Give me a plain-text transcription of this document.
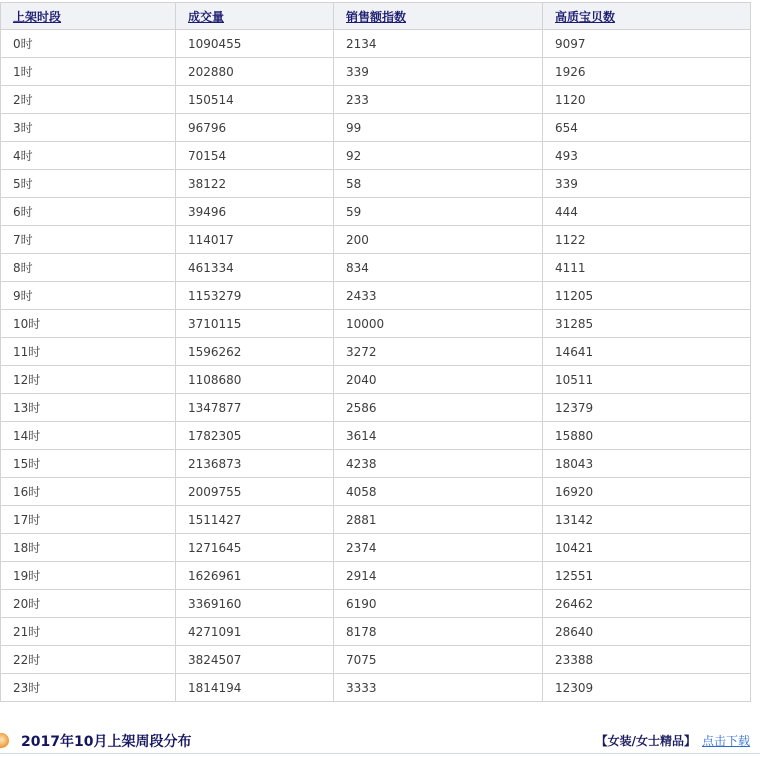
上架时段	成交量	销售额指数	高质宝贝数
0时	1090455	2134	9097
1时	202880	339	1926
2时	150514	233	1120
3时	96796	99	654
4时	70154	92	493
5时	38122	58	339
6时	39496	59	444
7时	114017	200	1122
8时	461334	834	4111
9时	1153279	2433	11205
10时	3710115	10000	31285
11时	1596262	3272	14641
12时	1108680	2040	10511
13时	1347877	2586	12379
14时	1782305	3614	15880
15时	2136873	4238	18043
16时	2009755	4058	16920
17时	1511427	2881	13142
18时	1271645	2374	10421
19时	1626961	2914	12551
20时	3369160	6190	26462
21时	4271091	8178	28640
22时	3824507	7075	23388
23时	1814194	3333	12309
2017年10月上架周段分布	【女装/女士精品】 点击下载
